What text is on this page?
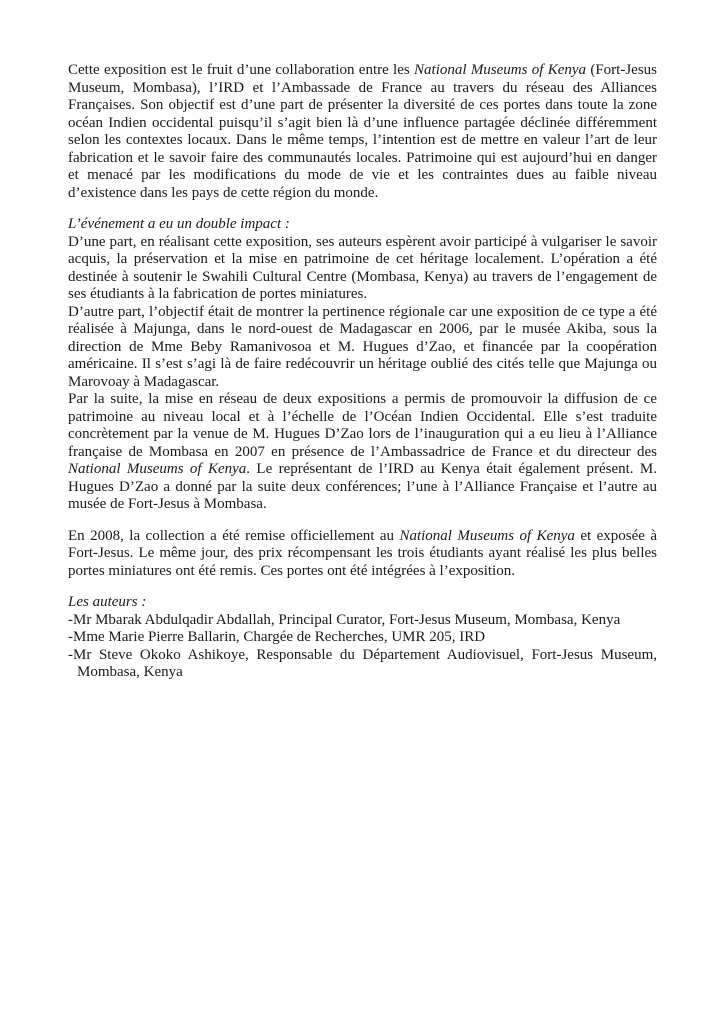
Cette exposition est le fruit d’une collaboration entre les National Museums of Kenya (Fort-Jesus Museum, Mombasa), l’IRD et l’Ambassade de France au travers du réseau des Alliances Françaises. Son objectif est d’une part de présenter la diversité de ces portes dans toute la zone océan Indien occidental puisqu’il s’agit bien là d’une influence partagée déclinée différemment selon les contextes locaux. Dans le même temps, l’intention est de mettre en valeur l’art de leur fabrication et le savoir faire des communautés locales. Patrimoine qui est aujourd’hui en danger et menacé par les modifications du mode de vie et les contraintes dues au faible niveau d’existence dans les pays de cette région du monde.

L’événement a eu un double impact :

D’une part, en réalisant cette exposition, ses auteurs espèrent avoir participé à vulgariser le savoir acquis, la préservation et la mise en patrimoine de cet héritage localement. L’opération a été destinée à soutenir le Swahili Cultural Centre (Mombasa, Kenya) au travers de l’engagement de ses étudiants à la fabrication de portes miniatures.

D’autre part, l’objectif était de montrer la pertinence régionale car une exposition de ce type a été réalisée à Majunga, dans le nord-ouest de Madagascar en 2006, par le musée Akiba, sous la direction de Mme Beby Ramanivosoa et M. Hugues d’Zao, et financée par la coopération américaine. Il s’est s’agi là de faire redécouvrir un héritage oublié des cités telle que Majunga ou Marovoay à Madagascar.

Par la suite, la mise en réseau de deux expositions a permis de promouvoir la diffusion de ce patrimoine au niveau local et à l’échelle de l’Océan Indien Occidental. Elle s’est traduite concrètement par la venue de M. Hugues D’Zao lors de l’inauguration qui a eu lieu à l’Alliance française de Mombasa en 2007 en présence de l’Ambassadrice de France et du directeur des National Museums of Kenya. Le représentant de l’IRD au Kenya était également présent. M. Hugues D’Zao a donné par la suite deux conférences; l’une à l’Alliance Française et l’autre au musée de Fort-Jesus à Mombasa.

En 2008, la collection a été remise officiellement au National Museums of Kenya et exposée à Fort-Jesus. Le même jour, des prix récompensant les trois étudiants ayant réalisé les plus belles portes miniatures ont été remis. Ces portes ont été intégrées à l’exposition.

Les auteurs :

-Mr Mbarak Abdulqadir Abdallah, Principal Curator, Fort-Jesus Museum, Mombasa, Kenya

-Mme Marie Pierre Ballarin, Chargée de Recherches, UMR 205, IRD

-Mr Steve Okoko Ashikoye, Responsable du Département Audiovisuel, Fort-Jesus Museum, Mombasa, Kenya
